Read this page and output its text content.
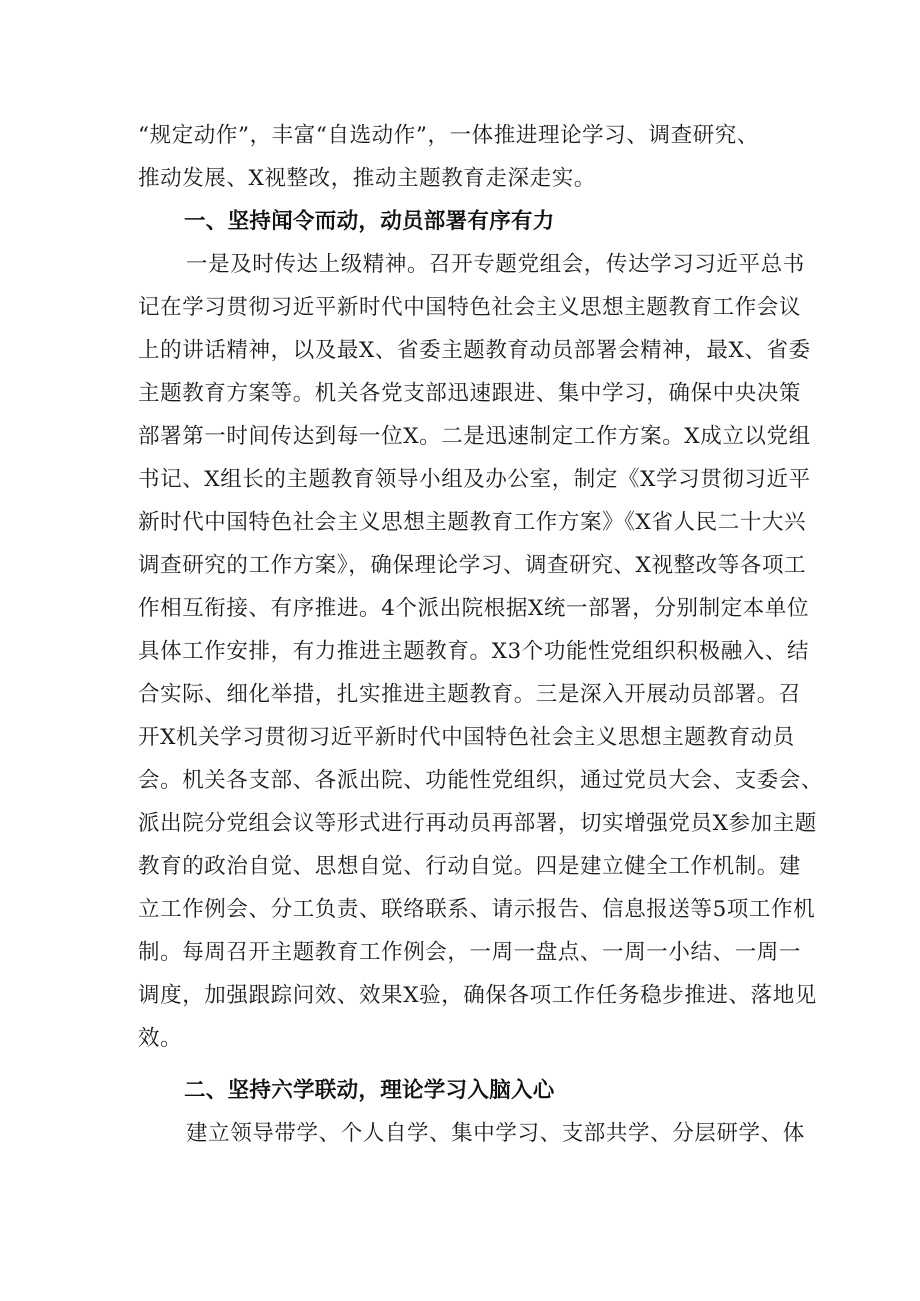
“规定动作”，丰富“自选动作”，一体推进理论学习、调查研究、
推动发展、X视整改，推动主题教育走深走实。
一、坚持闻令而动，动员部署有序有力
一是及时传达上级精神。召开专题党组会，传达学习习近平总书
记在学习贯彻习近平新时代中国特色社会主义思想主题教育工作会议
上的讲话精神，以及最X、省委主题教育动员部署会精神，最X、省委
主题教育方案等。机关各党支部迅速跟进、集中学习，确保中央决策
部署第一时间传达到每一位X。二是迅速制定工作方案。X成立以党组
书记、X组长的主题教育领导小组及办公室，制定《X学习贯彻习近平
新时代中国特色社会主义思想主题教育工作方案》《X省人民二十大兴
调查研究的工作方案》，确保理论学习、调查研究、X视整改等各项工
作相互衔接、有序推进。4个派出院根据X统一部署，分别制定本单位
具体工作安排，有力推进主题教育。X3个功能性党组织积极融入、结
合实际、细化举措，扎实推进主题教育。三是深入开展动员部署。召
开X机关学习贯彻习近平新时代中国特色社会主义思想主题教育动员
会。机关各支部、各派出院、功能性党组织，通过党员大会、支委会、
派出院分党组会议等形式进行再动员再部署，切实增强党员X参加主题
教育的政治自觉、思想自觉、行动自觉。四是建立健全工作机制。建
立工作例会、分工负责、联络联系、请示报告、信息报送等5项工作机
制。每周召开主题教育工作例会，一周一盘点、一周一小结、一周一
调度，加强跟踪问效、效果X验，确保各项工作任务稳步推进、落地见
效。
二、坚持六学联动，理论学习入脑入心
建立领导带学、个人自学、集中学习、支部共学、分层研学、体
